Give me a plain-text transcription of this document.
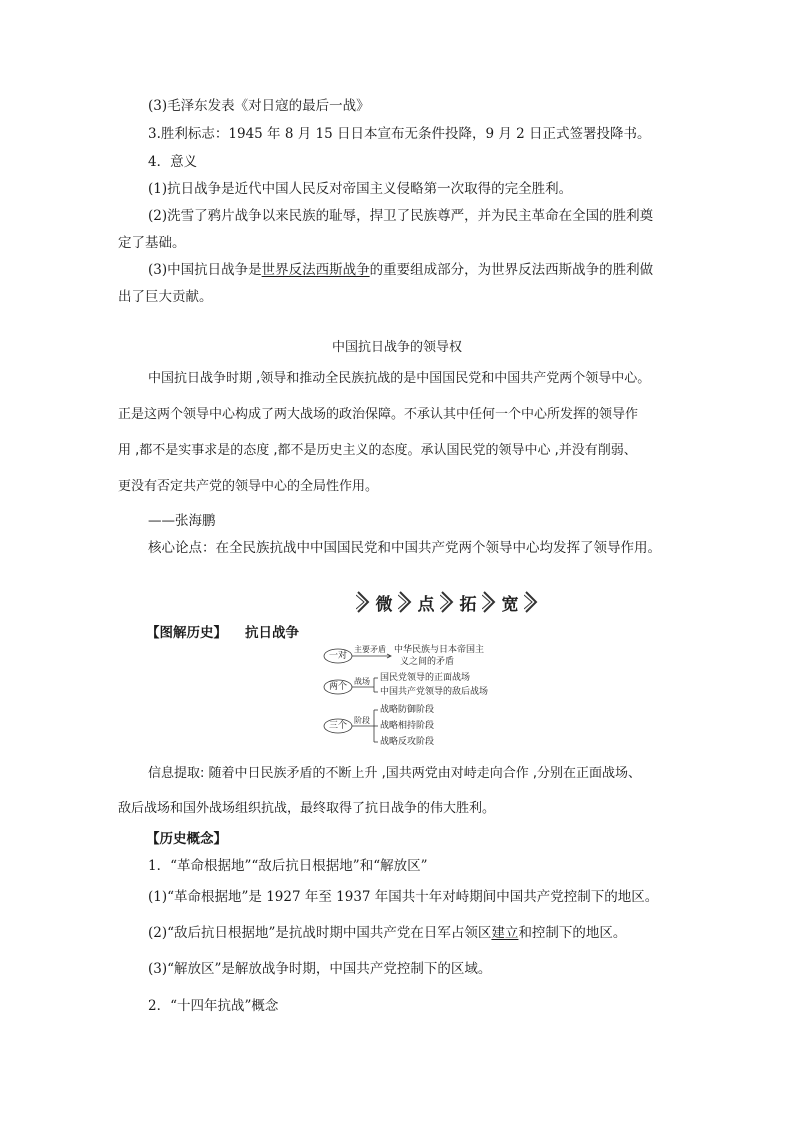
(3)毛泽东发表《对日寇的最后一战》
3.胜利标志：1945 年 8 月 15 日日本宣布无条件投降，9 月 2 日正式签署投降书。
4．意义
(1)抗日战争是近代中国人民反对帝国主义侵略第一次取得的完全胜利。
(2)洗雪了鸦片战争以来民族的耻辱，捍卫了民族尊严，并为民主革命在全国的胜利奠
定了基础。
(3)中国抗日战争是世界反法西斯战争的重要组成部分，为世界反法西斯战争的胜利做
出了巨大贡献。
中国抗日战争的领导权
中国抗日战争时期 ,领导和推动全民族抗战的是中国国民党和中国共产党两个领导中心。
正是这两个领导中心构成了两大战场的政治保障。不承认其中任何一个中心所发挥的领导作
用 ,都不是实事求是的态度 ,都不是历史主义的态度。承认国民党的领导中心 ,并没有削弱、
更没有否定共产党的领导中心的全局性作用。
——张海鹏
核心论点：在全民族抗战中中国国民党和中国共产党两个领导中心均发挥了领导作用。
微 点 拓 宽
【图解历史】 抗日战争
一对
两个
三个
主要矛盾 中华民族与日本帝国主
义之间的矛盾
战场 国民党领导的正面战场
中国共产党领导的敌后战场
阶段
战略防御阶段
战略相持阶段
战略反攻阶段
信息提取: 随着中日民族矛盾的不断上升 ,国共两党由对峙走向合作 ,分别在正面战场、
敌后战场和国外战场组织抗战，最终取得了抗日战争的伟大胜利。
【历史概念】
1．“革命根据地”“敌后抗日根据地”和“解放区”
(1)“革命根据地”是 1927 年至 1937 年国共十年对峙期间中国共产党控制下的地区。
(2)“敌后抗日根据地”是抗战时期中国共产党在日军占领区建立和控制下的地区。
(3)“解放区”是解放战争时期，中国共产党控制下的区域。
2．“十四年抗战”概念
